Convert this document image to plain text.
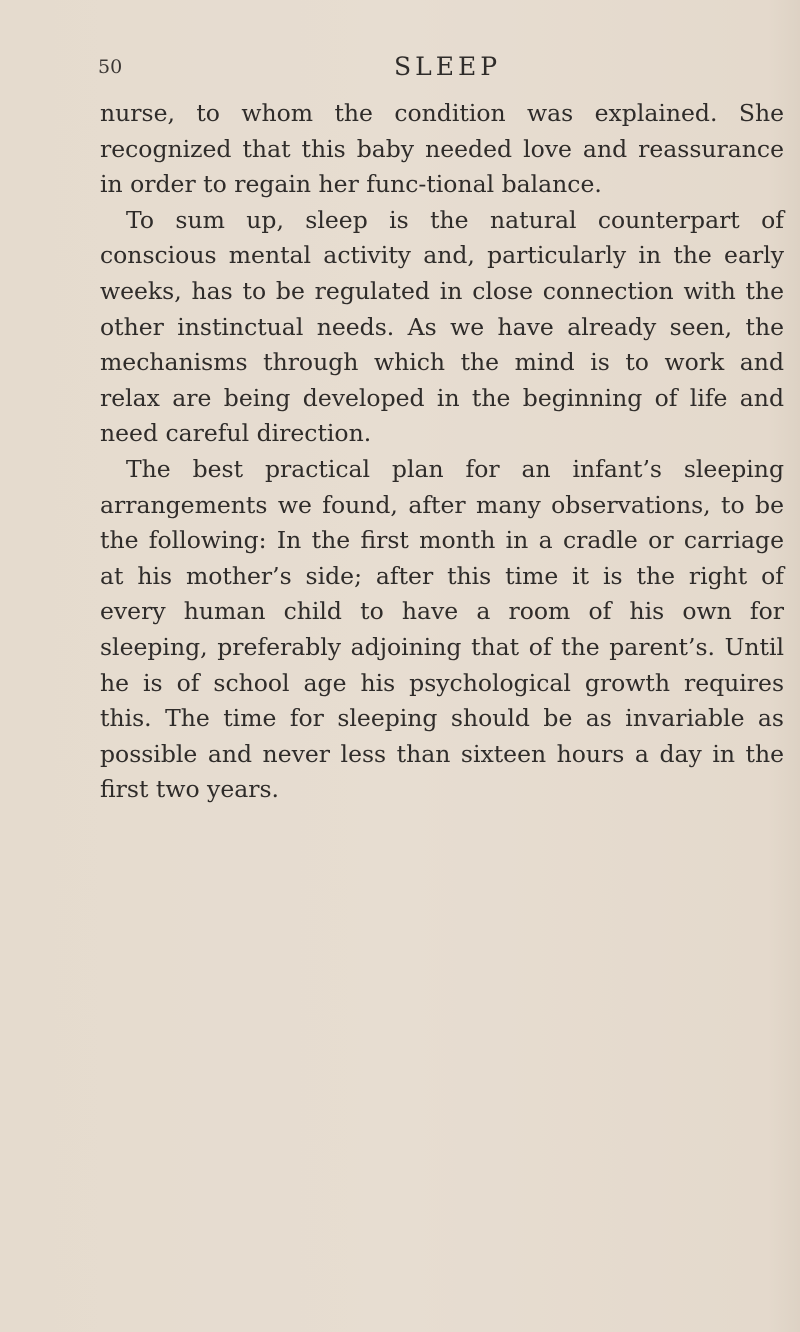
50	SLEEP

nurse, to whom the condition was explained. She recognized that this baby needed love and reassurance in order to regain her func-tional balance.

To sum up, sleep is the natural counterpart of conscious mental activity and, particularly in the early weeks, has to be regulated in close connection with the other instinctual needs. As we have already seen, the mechanisms through which the mind is to work and relax are being developed in the beginning of life and need careful direction.

The best practical plan for an infant’s sleeping arrangements we found, after many observations, to be the following: In the first month in a cradle or carriage at his mother’s side; after this time it is the right of every human child to have a room of his own for sleeping, preferably adjoining that of the parent’s. Until he is of school age his psychological growth requires this. The time for sleeping should be as invariable as possible and never less than sixteen hours a day in the first two years.
